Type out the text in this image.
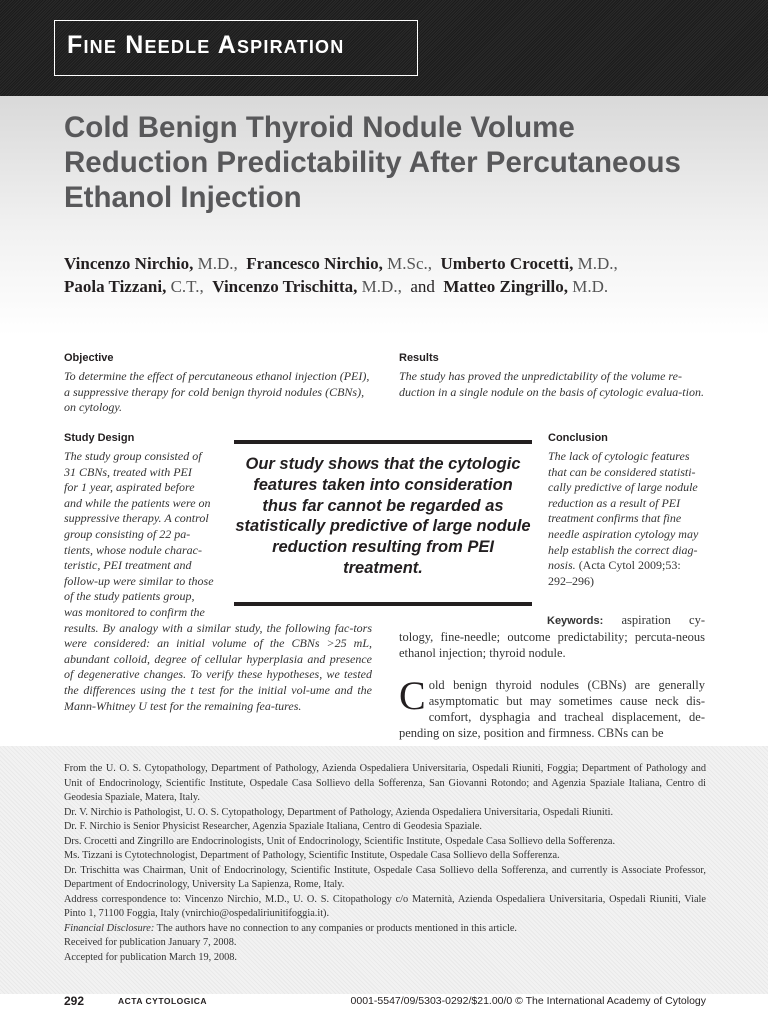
Fine Needle Aspiration
Cold Benign Thyroid Nodule Volume
Reduction Predictability After Percutaneous
Ethanol Injection
Vincenzo Nirchio, M.D., Francesco Nirchio, M.Sc., Umberto Crocetti, M.D.,
Paola Tizzani, C.T., Vincenzo Trischitta, M.D., and Matteo Zingrillo, M.D.
Objective
To determine the effect of percutaneous ethanol injection (PEI), a suppressive therapy for cold benign thyroid nodules (CBNs), on cytology.
Results
The study has proved the unpredictability of the volume re-duction in a single nodule on the basis of cytologic evalua-tion.
Study Design
The study group consisted of
31 CBNs, treated with PEI
for 1 year, aspirated before
and while the patients were on
suppressive therapy. A control
group consisting of 22 pa-
tients, whose nodule charac-
teristic, PEI treatment and
follow-up were similar to those
of the study patients group,
was monitored to confirm the
results. By analogy with a similar study, the following fac-tors were considered: an initial volume of the CBNs >25 mL, abundant colloid, degree of cellular hyperplasia and presence of degenerative changes. To verify these hypotheses, we tested the differences using the t test for the initial vol-ume and the Mann-Whitney U test for the remaining fea-tures.
Conclusion
The lack of cytologic features
that can be considered statisti-
cally predictive of large nodule
reduction as a result of PEI
treatment confirms that fine
needle aspiration cytology may
help establish the correct diag-
nosis. (Acta Cytol 2009;53:
292–296)
Keywords: aspiration cy-tology, fine-needle; outcome predictability; percuta-neous ethanol injection; thyroid nodule.
Our study shows that the cytologic features taken into consideration thus far cannot be regarded as statistically predictive of large nodule reduction resulting from PEI treatment.
C old benign thyroid nodules (CBNs) are generally asymptomatic but may sometimes cause neck dis-comfort, dysphagia and tracheal displacement, de-pending on size, position and firmness. CBNs can be

From the U. O. S. Cytopathology, Department of Pathology, Azienda Ospedaliera Universitaria, Ospedali Riuniti, Foggia; Department of Pathology and Unit of Endocrinology, Scientific Institute, Ospedale Casa Sollievo della Sofferenza, San Giovanni Rotondo; and Agenzia Spaziale Italiana, Centro di Geodesia Spaziale, Matera, Italy.

Dr. V. Nirchio is Pathologist, U. O. S. Cytopathology, Department of Pathology, Azienda Ospedaliera Universitaria, Ospedali Riuniti.

Dr. F. Nirchio is Senior Physicist Researcher, Agenzia Spaziale Italiana, Centro di Geodesia Spaziale.

Drs. Crocetti and Zingrillo are Endocrinologists, Unit of Endocrinology, Scientific Institute, Ospedale Casa Sollievo della Sofferenza.

Ms. Tizzani is Cytotechnologist, Department of Pathology, Scientific Institute, Ospedale Casa Sollievo della Sofferenza.

Dr. Trischitta was Chairman, Unit of Endocrinology, Scientific Institute, Ospedale Casa Sollievo della Sofferenza, and currently is Associate Professor, Department of Endocrinology, University La Sapienza, Rome, Italy.

Address correspondence to: Vincenzo Nirchio, M.D., U. O. S. Citopathology c/o Maternità, Azienda Ospedaliera Universitaria, Ospedali Riuniti, Viale Pinto 1, 71100 Foggia, Italy (vnirchio@ospedaliriunitifoggia.it).

Financial Disclosure: The authors have no connection to any companies or products mentioned in this article.

Received for publication January 7, 2008.

Accepted for publication March 19, 2008.

292	ACTA CYTOLOGICA	0001-5547/09/5303-0292/$21.00/0 © The International Academy of Cytology
